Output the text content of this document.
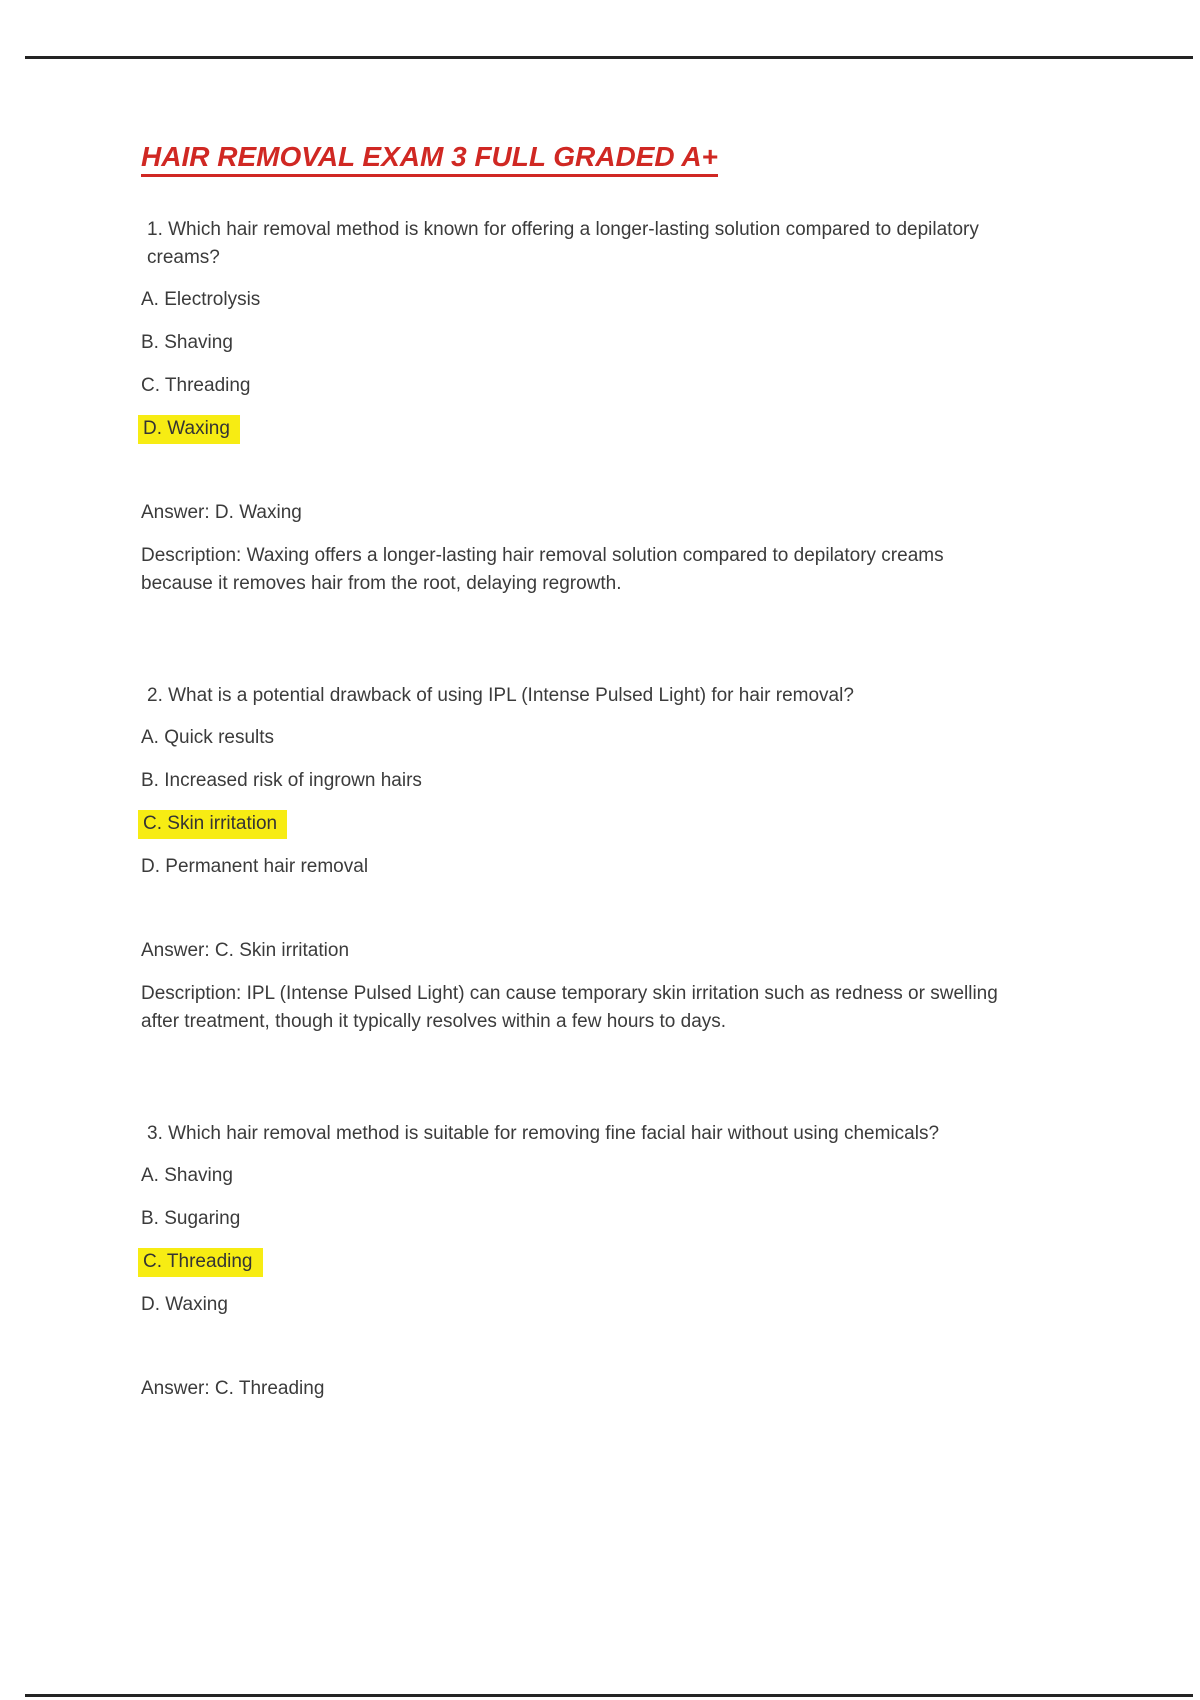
HAIR REMOVAL EXAM 3 FULL GRADED A+
1. Which hair removal method is known for offering a longer-lasting solution compared to depilatory
creams?
A. Electrolysis
B. Shaving
C. Threading
D. Waxing
Answer: D. Waxing
Description: Waxing offers a longer-lasting hair removal solution compared to depilatory creams
because it removes hair from the root, delaying regrowth.
2. What is a potential drawback of using IPL (Intense Pulsed Light) for hair removal?
A. Quick results
B. Increased risk of ingrown hairs
C. Skin irritation
D. Permanent hair removal
Answer: C. Skin irritation
Description: IPL (Intense Pulsed Light) can cause temporary skin irritation such as redness or swelling
after treatment, though it typically resolves within a few hours to days.
3. Which hair removal method is suitable for removing fine facial hair without using chemicals?
A. Shaving
B. Sugaring
C. Threading
D. Waxing
Answer: C. Threading
